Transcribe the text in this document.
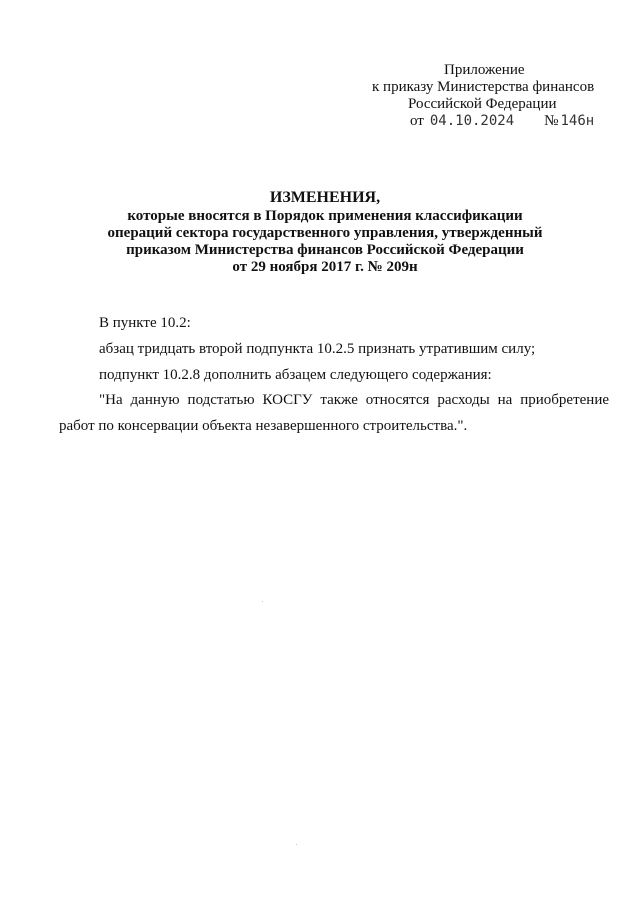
Приложение
к приказу Министерства финансов
Российской Федерации
от 04.10.2024 № 146н
ИЗМЕНЕНИЯ,
которые вносятся в Порядок применения классификации
операций сектора государственного управления, утвержденный
приказом Министерства финансов Российской Федерации
от 29 ноября 2017 г. № 209н
В пункте 10.2:
абзац тридцать второй подпункта 10.2.5 признать утратившим силу;
подпункт 10.2.8 дополнить абзацем следующего содержания:
"На данную подстатью КОСГУ также относятся расходы на приобретение
работ по консервации объекта незавершенного строительства.".
